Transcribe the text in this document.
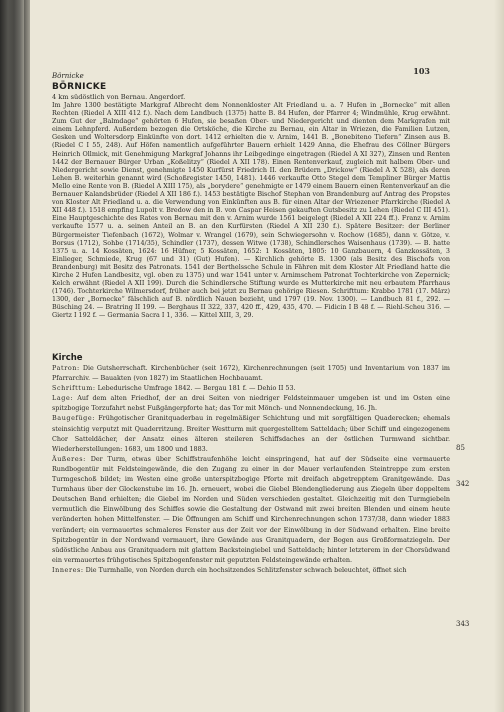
Börnicke	103
BÖRNICKE
4 km südöstlich von Bernau. Angerdorf.
Im Jahre 1300 bestätigte Markgraf Albrecht dem Nonnenkloster Alt Friedland u. a. 7 Hufen in „Bornecke“ mit allen Rechten (Riedel A XIII 412 f.). Nach dem Landbuch (1375) hatte B. 84 Hufen, der Pfarrer 4; Windmühle, Krug erwähnt. Zum Gut der „Balmdage“ gehörten 6 Hufen, sie besaßen Ober- und Niedergericht und dienten dem Markgrafen mit einem Lehnpferd. Außerdem bezogen die Ortsköche, die Kirche zu Bernau, ein Altar in Wriezen, die Familien Lutzen, Gesken und Woltersdorp Einkünfte von dort. 1412 erhielten die v. Arnim, 1441 B. „Bonebiteno Tiefern“ Zinsen aus B. (Riedel C I 55, 248). Auf Höfen namentlich aufgeführter Bauern erhielt 1429 Anna, die Ehefrau des Cöllner Bürgers Heinrich Ollmick, mit Genehmigung Markgraf Johanns ihr Leibgedinge eingetragen (Riedel A XI 327), Zinsen und Renten 1442 der Bernauer Bürger Urban „Koßelitzy“ (Riedel A XII 178). Einen Rentenverkauf, zugleich mit halbem Ober- und Niedergericht sowie Dienst, genehmigte 1450 Kurfürst Friedrich II. den Brüdern „Drickow“ (Riedel A X 528), als deren Lehen B. weiterhin genannt wird (Schoßregister 1450, 1481). 1446 verkaufte Otto Stegel dem Templiner Bürger Mattis Mello eine Rente von B. (Riedel A XIII 175), als „borydere“ genehmigte er 1479 einem Bauern einen Rentenverkauf an die Bernauer Kalandsbrüder (Riedel A XII 186 f.). 1453 bestätigte Bischof Stephan von Brandenburg auf Antrag des Propstes von Kloster Alt Friedland u. a. die Verwendung von Einkünften aus B. für einen Altar der Wriezener Pfarrkirche (Riedel A XII 448 f.). 1518 empfing Lupolt v. Bredow den in B. von Caspar Heisen gekauften Gutsbesitz zu Lehen (Riedel C III 451). Eine Hauptgeschichte des Rates von Bernau mit den v. Arnim wurde 1561 beigelegt (Riedel A XII 224 ff.). Franz v. Arnim verkaufte 1577 u. a. seinen Anteil an B. an den Kurfürsten (Riedel A XII 230 f.). Spätere Besitzer: der Berliner Bürgermeister Tiefenbach (1672), Wolmar v. Wrangel (1679), sein Schwiegersohn v. Rochow (1685), dann v. Götze, v. Borsus (1712), Sohbe (1714/35), Schindler (1737), dessen Witwe (1738), Schindlersches Waisenhaus (1739). — B. hatte 1375 u. a. 14 Kossäten, 1624: 16 Hüfner, 5 Kossäten, 1652: 1 Kossäten, 1805: 10 Ganzbauern, 4 Ganzkossäten, 3 Einlieger, Schmiede, Krug (67 und 31) (Gut) Hufen). — Kirchlich gehörte B. 1300 (als Besitz des Bischofs von Brandenburg) mit Besitz des Patronats. 1541 der Berthelssche Schule in Fähren mit dem Kloster Alt Friedland hatte die Kirche 2 Hufen Landbesitz, vgl. oben zu 1375) und war 1541 unter v. Arnimschem Patronat Tochterkirche von Zepernick; Kelch erwähnt (Riedel A XII 199). Durch die Schindlersche Stiftung wurde es Mutterkirche mit neu erbautem Pfarrhaus (1746). Tochterkirche Wilmersdorf, früher auch bei jetzt zu Bernau gehörige Riesen. Schrifttum: Krabbo 1781 (17. März) 1300, der „Bornecke“ fälschlich auf B. nördlich Nauen bezieht, und 1797 (19. Nov. 1300). — Landbuch 81 f., 292. — Büsching 24. — Bratring II 199. — Berghaus II 322, 337, 420 ff., 429, 435, 470. — Fidicin I B 48 f. — Riehl-Scheu 316. — Giertz I 192 f. — Germania Sacra I 1, 336. — Kittel XIII, 3, 29.
Kirche

Patron: Die Gutsherrschaft. Kirchenbücher (seit 1672), Kirchenrechnungen (seit 1705) und Inventarium von 1837 im Pfarrarchiv. — Bauakten (von 1827) im Staatlichen Hochbauamt.

Schrifttum: Lebedurische Umfrage 1842. — Bergau 181 f. — Dehio II 53.

Lage: Auf dem alten Friedhof, der an drei Seiten von niedriger Feldsteinmauer umgeben ist und im Osten eine spitzbogige Torzufahrt nebst Fußgängerpforte hat; das Tor mit Mönch- und Nonnendeckung, 16. Jh.

Baugefüge: Frühgotischer Granitquaderbau in regelmäßiger Schichtung und mit sorgfältigen Quaderecken; ehemals steinsichtig verputzt mit Quaderritzung. Breiter Westturm mit quergestelltem Satteldach; über Schiff und eingezogenem Chor Satteldächer, der Ansatz eines älteren steileren Schiffsdaches an der östlichen Turmwand sichtbar. Wiederherstellungen: 1683, um 1800 und 1883.

Äußeres: Der Turm, etwas über Schiffstraufenhöhe leicht einspringend, hat auf der Südseite eine vermauerte Rundbogentür mit Feldsteingewände, die den Zugang zu einer in der Mauer verlaufenden Steintreppe zum ersten Turmgeschoß bildet; im Westen eine große unterspitzbogige Pforte mit dreifach abgetrepptem Granitgewände. Das Turmhaus über der Glockenstube im 16. Jh. erneuert, wobei die Giebel Blendengliederung aus Ziegeln über doppeltem Deutschen Band erhielten; die Giebel im Norden und Süden verschieden gestaltet. Gleichzeitig mit den Turmgiebeln vermutlich die Einwölbung des Schiffes sowie die Gestaltung der Ostwand mit zwei breiten Blenden und einem heute veränderten hohen Mittelfenster. — Die Öffnungen am Schiff und Kirchenrechnungen schon 1737/38, dann wieder 1883 verändert; ein vermauertes schmaleres Fenster aus der Zeit vor der Einwölbung in der Südwand erhalten. Eine breite Spitzbogentür in der Nordwand vermauert, ihre Gewände aus Granitquadern, der Bogen aus Großformatziegeln. Der südöstliche Anbau aus Granitquadern mit glattem Backsteingiebel und Satteldach; hinter letzterem in der Chorsüdwand ein vermauertes frühgotisches Spitzbogenfenster mit geputzten Feldsteingewände erhalten.

Inneres: Die Turmhalle, von Norden durch ein hochsitzendes Schlitzfenster schwach beleuchtet, öffnet sich

85
342
343
